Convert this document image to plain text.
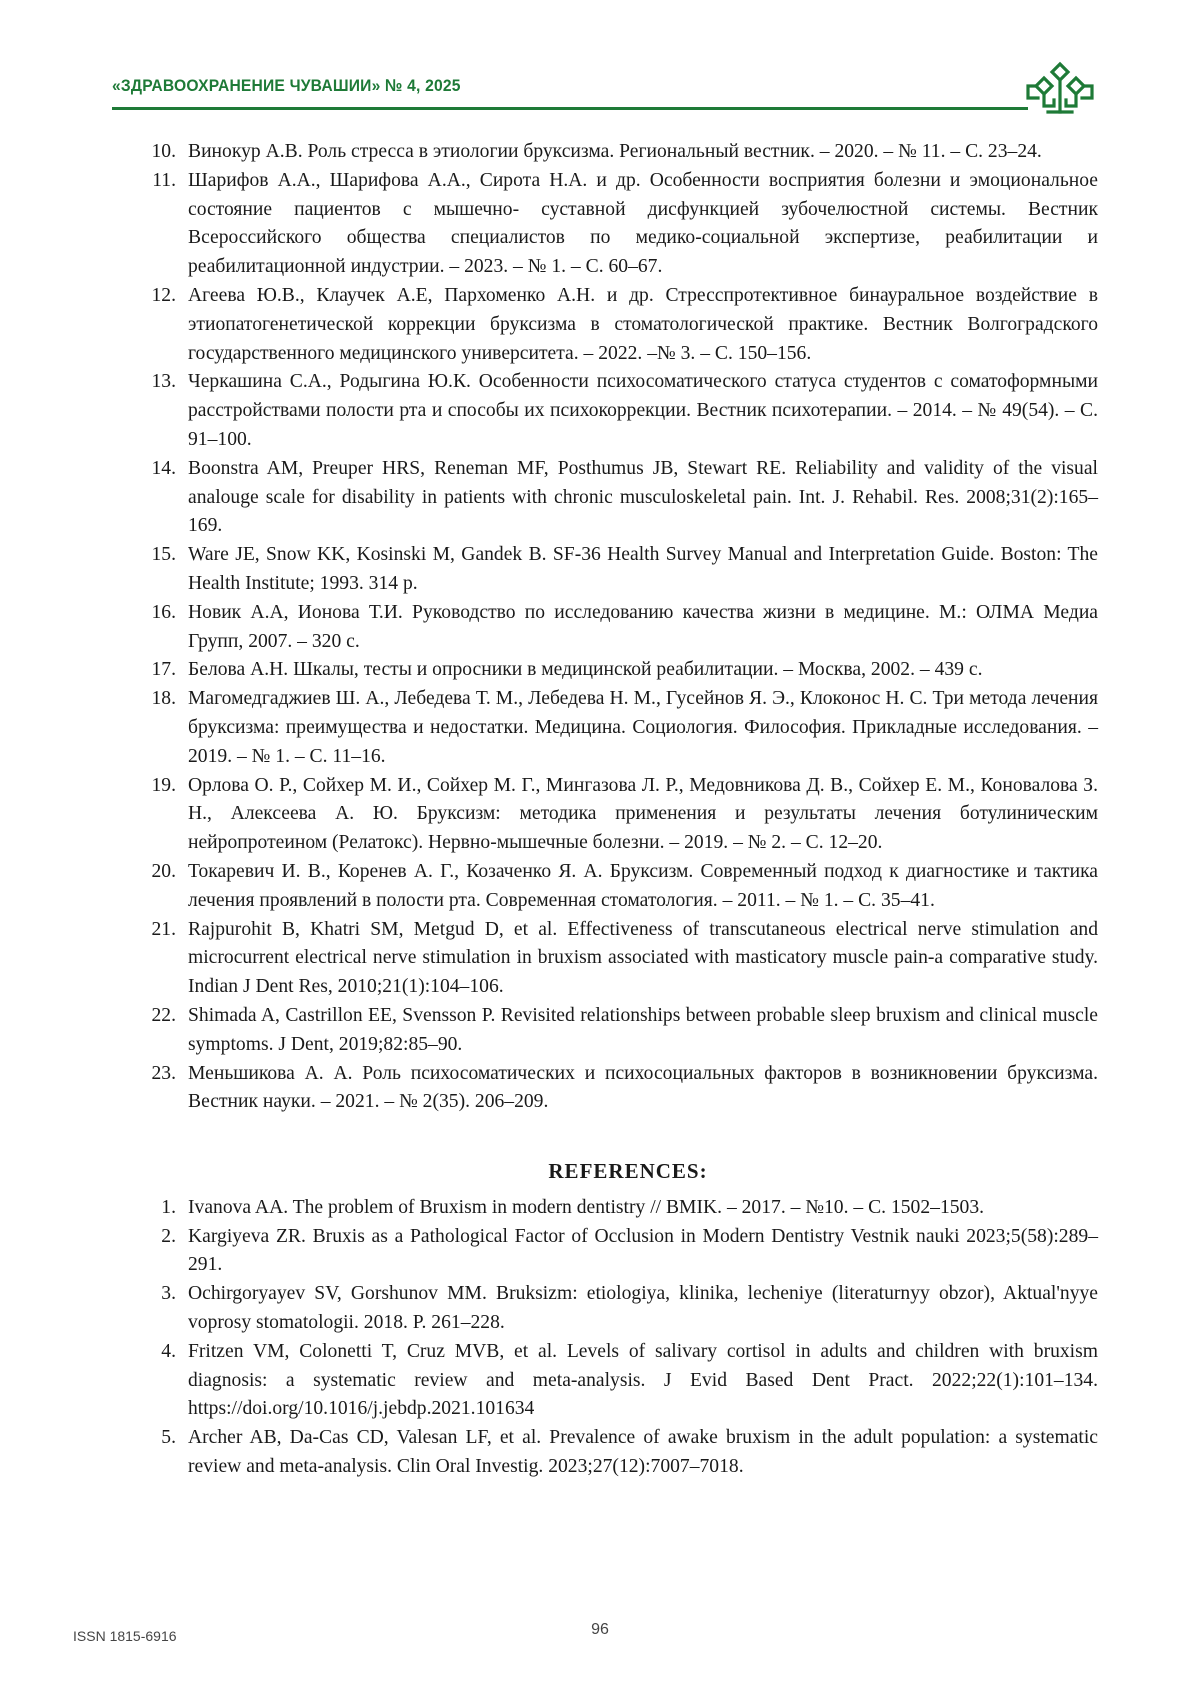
«ЗДРАВООХРАНЕНИЕ ЧУВАШИИ» № 4, 2025
10. Винокур А.В. Роль стресса в этиологии бруксизма. Региональный вестник. – 2020. – № 11. – С. 23–24.
11. Шарифов А.А., Шарифова А.А., Сирота Н.А. и др. Особенности восприятия болезни и эмоциональное состояние пациентов с мышечно- суставной дисфункцией зубочелюстной системы. Вестник Всероссийского общества специалистов по медико-социальной экспертизе, реабилитации и реабилитационной индустрии. – 2023. – № 1. – С. 60–67.
12. Агеева Ю.В., Клаучек А.Е, Пархоменко А.Н. и др. Стресспротективное бинауральное воздействие в этиопатогенетической коррекции бруксизма в стоматологической практике. Вестник Волгоградского государственного медицинского университета. – 2022. –№ 3. – С. 150–156.
13. Черкашина С.А., Родыгина Ю.К. Особенности психосоматического статуса студентов с соматоформными расстройствами полости рта и способы их психокоррекции. Вестник психотерапии. – 2014. – № 49(54). – С. 91–100.
14. Boonstra AM, Preuper HRS, Reneman MF, Posthumus JB, Stewart RE. Reliability and validity of the visual analouge scale for disability in patients with chronic musculoskeletal pain. Int. J. Rehabil. Res. 2008;31(2):165–169.
15. Ware JE, Snow KK, Kosinski M, Gandek B. SF-36 Health Survey Manual and Interpretation Guide. Boston: The Health Institute; 1993. 314 p.
16. Новик А.А, Ионова Т.И. Руководство по исследованию качества жизни в медицине. М.: ОЛМА Медиа Групп, 2007. – 320 с.
17. Белова А.Н. Шкалы, тесты и опросники в медицинской реабилитации. – Москва, 2002. – 439 с.
18. Магомедгаджиев Ш. А., Лебедева Т. М., Лебедева Н. М., Гусейнов Я. Э., Клоконос Н. С. Три метода лечения бруксизма: преимущества и недостатки. Медицина. Социология. Философия. Прикладные исследования. –2019. – № 1. – С. 11–16.
19. Орлова О. Р., Сойхер М. И., Сойхер М. Г., Мингазова Л. Р., Медовникова Д. В., Сойхер Е. М., Коновалова З. Н., Алексеева А. Ю. Бруксизм: методика применения и результаты лечения ботулиническим нейропротеином (Релатокс). Нервно-мышечные болезни. – 2019. – № 2. – С. 12–20.
20. Токаревич И. В., Коренев А. Г., Козаченко Я. А. Бруксизм. Современный подход к диагностике и тактика лечения проявлений в полости рта. Современная стоматология. – 2011. – № 1. – С. 35–41.
21. Rajpurohit B, Khatri SM, Metgud D, et al. Effectiveness of transcutaneous electrical nerve stimulation and microcurrent electrical nerve stimulation in bruxism associated with masticatory muscle pain-a comparative study. Indian J Dent Res, 2010;21(1):104–106.
22. Shimada A, Castrillon EE, Svensson P. Revisited relationships between probable sleep bruxism and clinical muscle symptoms. J Dent, 2019;82:85–90.
23. Меньшикова А. А. Роль психосоматических и психосоциальных факторов в возникновении бруксизма. Вестник науки. – 2021. – № 2(35). 206–209.
REFERENCES:
1. Ivanova AA. The problem of Bruxism in modern dentistry // BMIK. – 2017. – №10. – С. 1502–1503.
2. Kargiyeva ZR. Bruxis as a Pathological Factor of Occlusion in Modern Dentistry Vestnik nauki 2023;5(58):289–291.
3. Ochirgoryayev SV, Gorshunov MM. Bruksizm: etiologiya, klinika, lecheniye (literaturnyy obzor), Aktual'nyye voprosy stomatologii. 2018. P. 261–228.
4. Fritzen VM, Colonetti T, Cruz MVB, et al. Levels of salivary cortisol in adults and children with bruxism diagnosis: a systematic review and meta-analysis. J Evid Based Dent Pract. 2022;22(1):101–134. https://doi.org/10.1016/j.jebdp.2021.101634
5. Archer AB, Da-Cas CD, Valesan LF, et al. Prevalence of awake bruxism in the adult population: a systematic review and meta-analysis. Clin Oral Investig. 2023;27(12):7007–7018.
ISSN 1815-6916	96
